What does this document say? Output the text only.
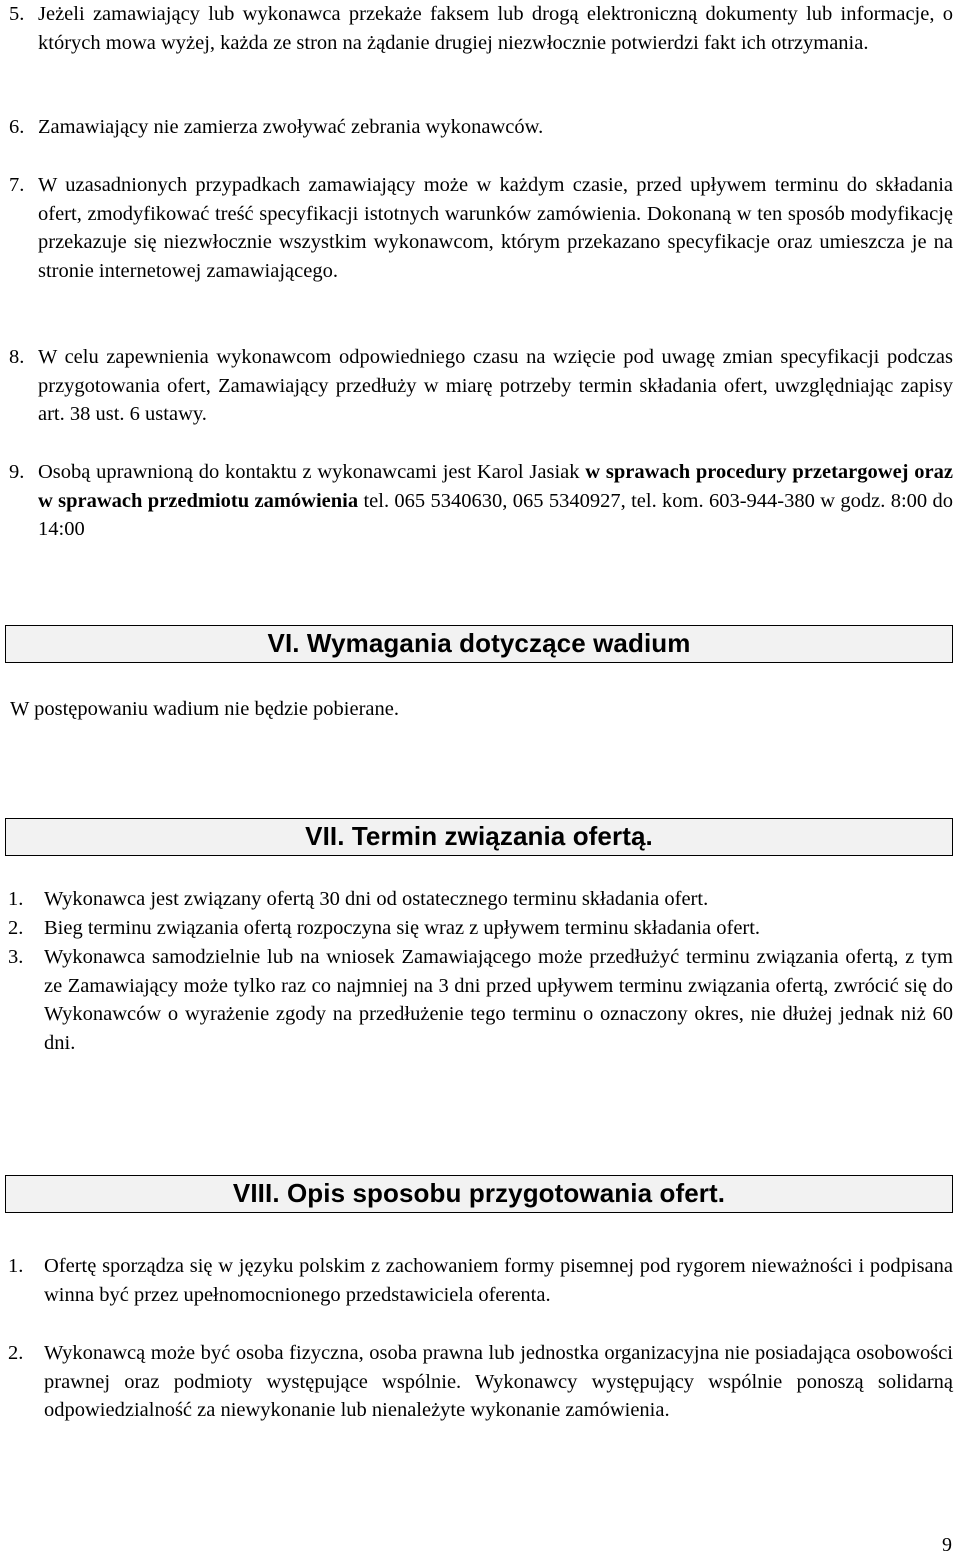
5. Jeżeli zamawiający lub wykonawca przekaże faksem lub drogą elektroniczną dokumenty lub informacje, o których mowa wyżej, każda ze stron na żądanie drugiej niezwłocznie potwierdzi fakt ich otrzymania.
6. Zamawiający nie zamierza zwoływać zebrania wykonawców.
7. W uzasadnionych przypadkach zamawiający może w każdym czasie, przed upływem terminu do składania ofert, zmodyfikować treść specyfikacji istotnych warunków zamówienia. Dokonaną w ten sposób modyfikację przekazuje się niezwłocznie wszystkim wykonawcom, którym przekazano specyfikacje oraz umieszcza je na stronie internetowej zamawiającego.
8. W celu zapewnienia wykonawcom odpowiedniego czasu na wzięcie pod uwagę zmian specyfikacji podczas przygotowania ofert, Zamawiający przedłuży w miarę potrzeby termin składania ofert, uwzględniając zapisy art. 38 ust. 6 ustawy.
9. Osobą uprawnioną do kontaktu z wykonawcami jest Karol Jasiak w sprawach procedury przetargowej oraz w sprawach przedmiotu zamówienia tel. 065 5340630, 065 5340927, tel. kom. 603-944-380 w godz. 8:00 do 14:00
VI. Wymagania dotyczące wadium
W postępowaniu wadium nie będzie pobierane.
VII. Termin związania ofertą.
1. Wykonawca jest związany ofertą 30 dni od ostatecznego terminu składania ofert.
2. Bieg terminu związania ofertą rozpoczyna się wraz z upływem terminu składania ofert.
3. Wykonawca samodzielnie lub na wniosek Zamawiającego może przedłużyć terminu związania ofertą, z tym ze Zamawiający może tylko raz co najmniej na 3 dni przed upływem terminu związania ofertą, zwrócić się do Wykonawców o wyrażenie zgody na przedłużenie tego terminu o oznaczony okres, nie dłużej jednak niż 60 dni.
VIII. Opis sposobu przygotowania ofert.
1. Ofertę sporządza się w języku polskim z zachowaniem formy pisemnej pod rygorem nieważności i podpisana winna być przez upełnomocnionego przedstawiciela oferenta.
2. Wykonawcą może być osoba fizyczna, osoba prawna lub jednostka organizacyjna nie posiadająca osobowości prawnej oraz podmioty występujące wspólnie. Wykonawcy występujący wspólnie ponoszą solidarną odpowiedzialność za niewykonanie lub nienależyte wykonanie zamówienia.
9
